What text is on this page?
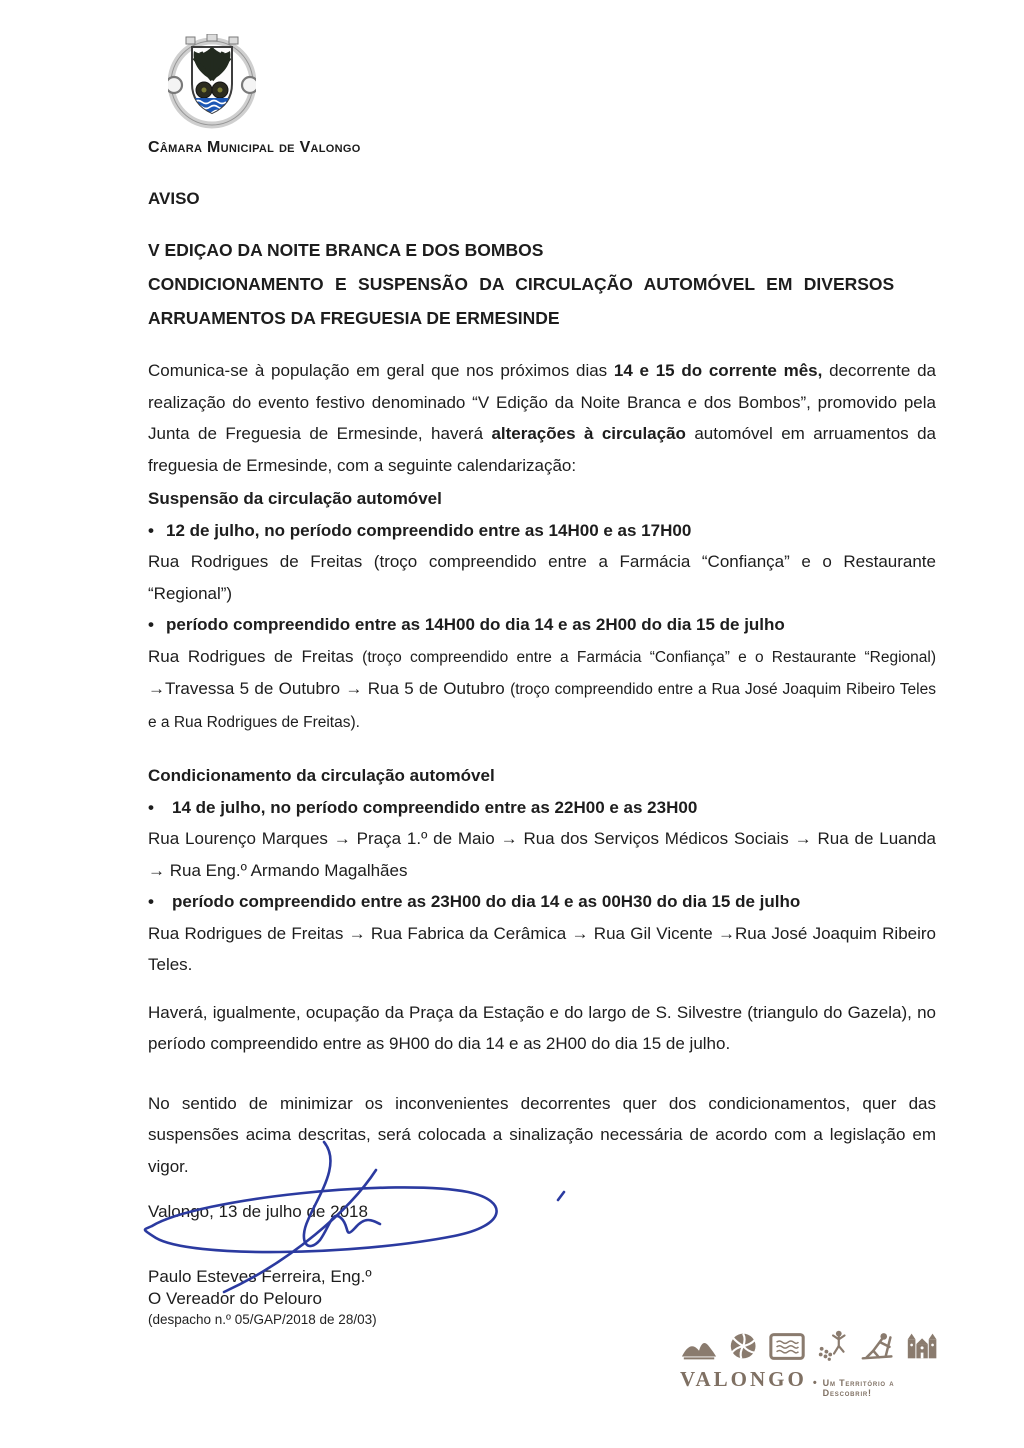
Câmara Municipal de Valongo
AVISO
V EDIÇAO DA NOITE BRANCA E DOS BOMBOS
CONDICIONAMENTO E SUSPENSÃO DA CIRCULAÇÃO AUTOMÓVEL EM DIVERSOS
ARRUAMENTOS DA FREGUESIA DE ERMESINDE

Comunica-se à população em geral que nos próximos dias 14 e 15 do corrente mês, decorrente da realização do evento festivo denominado “V Edição da Noite Branca e dos Bombos”, promovido pela Junta de Freguesia de Ermesinde, haverá alterações à circulação automóvel em arruamentos da freguesia de Ermesinde, com a seguinte calendarização:

Suspensão da circulação automóvel
• 12 de julho, no período compreendido entre as 14H00 e as 17H00

Rua Rodrigues de Freitas (troço compreendido entre a Farmácia “Confiança” e o Restaurante “Regional”)

• período compreendido entre as 14H00 do dia 14 e as 2H00 do dia 15 de julho

Rua Rodrigues de Freitas (troço compreendido entre a Farmácia “Confiança” e o Restaurante “Regional) →Travessa 5 de Outubro → Rua 5 de Outubro (troço compreendido entre a Rua José Joaquim Ribeiro Teles e a Rua Rodrigues de Freitas).

Condicionamento da circulação automóvel
• 14 de julho, no período compreendido entre as 22H00 e as 23H00

Rua Lourenço Marques → Praça 1.º de Maio → Rua dos Serviços Médicos Sociais → Rua de Luanda → Rua Eng.º Armando Magalhães

• período compreendido entre as 23H00 do dia 14 e as 00H30 do dia 15 de julho

Rua Rodrigues de Freitas → Rua Fabrica da Cerâmica → Rua Gil Vicente →Rua José Joaquim Ribeiro Teles.

Haverá, igualmente, ocupação da Praça da Estação e do largo de S. Silvestre (triangulo do Gazela), no período compreendido entre as 9H00 do dia 14 e as 2H00 do dia 15 de julho.

No sentido de minimizar os inconvenientes decorrentes quer dos condicionamentos, quer das suspensões acima descritas, será colocada a sinalização necessária de acordo com a legislação em vigor.

Valongo, 13 de julho de 2018
Paulo Esteves Ferreira, Eng.º
O Vereador do Pelouro
(despacho n.º 05/GAP/2018 de 28/03)
VALONGO • Um Território a Descobrir!
